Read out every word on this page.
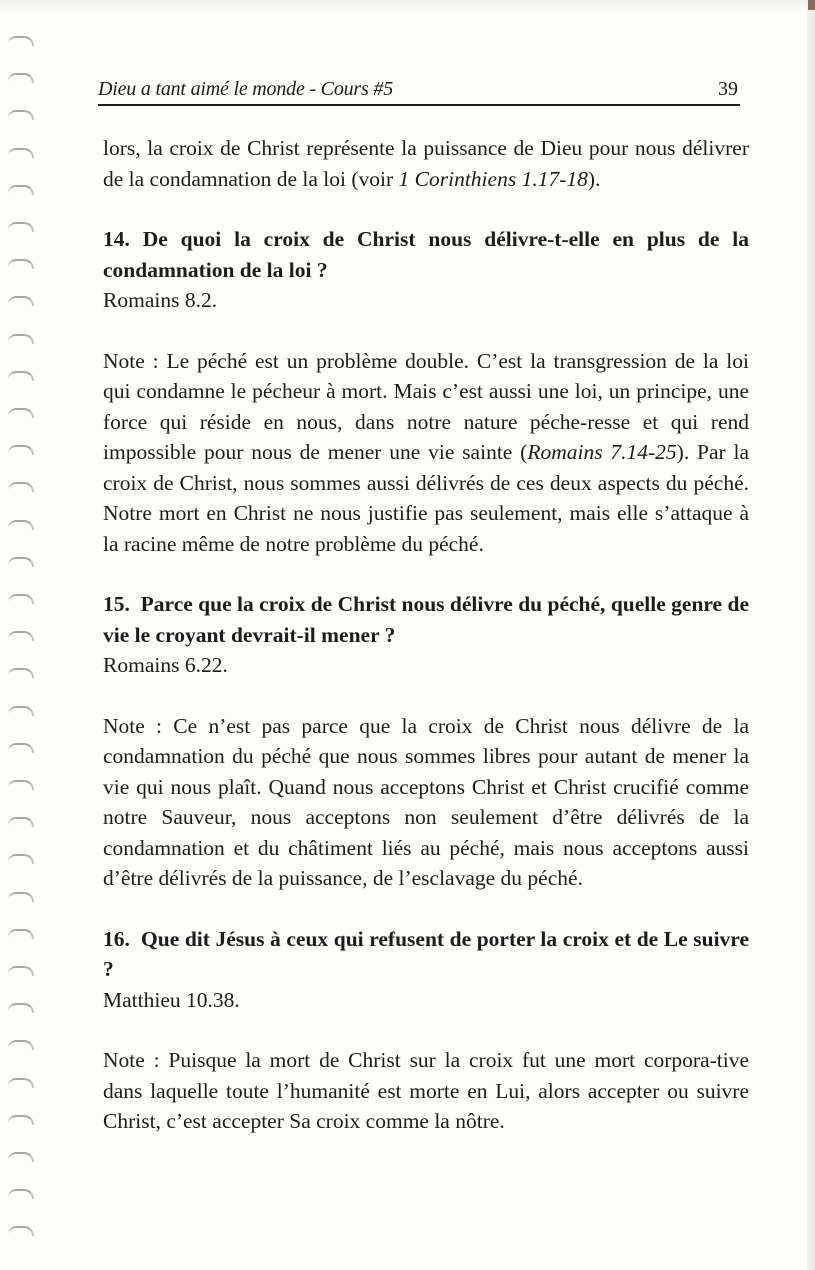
Dieu a tant aimé le monde - Cours #5	39

lors, la croix de Christ représente la puissance de Dieu pour nous délivrer de la condamnation de la loi (voir 1 Corinthiens 1.17-18).

14. De quoi la croix de Christ nous délivre-t-elle en plus de la condamnation de la loi ?

Romains 8.2.

Note : Le péché est un problème double. C’est la transgression de la loi qui condamne le pécheur à mort. Mais c’est aussi une loi, un principe, une force qui réside en nous, dans notre nature péche-resse et qui rend impossible pour nous de mener une vie sainte (Romains 7.14-25). Par la croix de Christ, nous sommes aussi délivrés de ces deux aspects du péché. Notre mort en Christ ne nous justifie pas seulement, mais elle s’attaque à la racine même de notre problème du péché.

15. Parce que la croix de Christ nous délivre du péché, quelle genre de vie le croyant devrait-il mener ?

Romains 6.22.

Note : Ce n’est pas parce que la croix de Christ nous délivre de la condamnation du péché que nous sommes libres pour autant de mener la vie qui nous plaît. Quand nous acceptons Christ et Christ crucifié comme notre Sauveur, nous acceptons non seulement d’être délivrés de la condamnation et du châtiment liés au péché, mais nous acceptons aussi d’être délivrés de la puissance, de l’esclavage du péché.

16. Que dit Jésus à ceux qui refusent de porter la croix et de Le suivre ?

Matthieu 10.38.

Note : Puisque la mort de Christ sur la croix fut une mort corpora-tive dans laquelle toute l’humanité est morte en Lui, alors accepter ou suivre Christ, c’est accepter Sa croix comme la nôtre.
